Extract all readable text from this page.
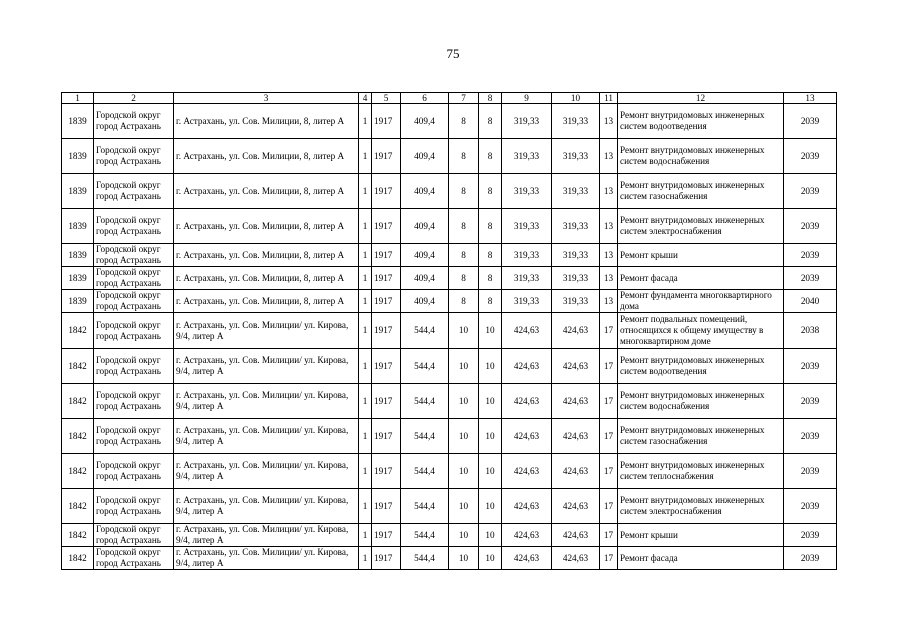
75
1	2	3	4	5	6	7	8	9	10	11	12	13
1839	Городской округ город Астрахань	г. Астрахань, ул. Сов. Милиции, 8, литер А	1	1917	409,4	8	8	319,33	319,33	13	Ремонт внутридомовых инженерных систем водоотведения	2039
1839	Городской округ город Астрахань	г. Астрахань, ул. Сов. Милиции, 8, литер А	1	1917	409,4	8	8	319,33	319,33	13	Ремонт внутридомовых инженерных систем водоснабжения	2039
1839	Городской округ город Астрахань	г. Астрахань, ул. Сов. Милиции, 8, литер А	1	1917	409,4	8	8	319,33	319,33	13	Ремонт внутридомовых инженерных систем газоснабжения	2039
1839	Городской округ город Астрахань	г. Астрахань, ул. Сов. Милиции, 8, литер А	1	1917	409,4	8	8	319,33	319,33	13	Ремонт внутридомовых инженерных систем электроснабжения	2039
1839	Городской округ город Астрахань	г. Астрахань, ул. Сов. Милиции, 8, литер А	1	1917	409,4	8	8	319,33	319,33	13	Ремонт крыши	2039
1839	Городской округ город Астрахань	г. Астрахань, ул. Сов. Милиции, 8, литер А	1	1917	409,4	8	8	319,33	319,33	13	Ремонт фасада	2039
1839	Городской округ город Астрахань	г. Астрахань, ул. Сов. Милиции, 8, литер А	1	1917	409,4	8	8	319,33	319,33	13	Ремонт фундамента многоквартирного дома	2040
1842	Городской округ город Астрахань	г. Астрахань, ул. Сов. Милиции/ ул. Кирова, 9/4, литер А	1	1917	544,4	10	10	424,63	424,63	17	Ремонт подвальных помещений, относящихся к общему имуществу в многоквартирном доме	2038
1842	Городской округ город Астрахань	г. Астрахань, ул. Сов. Милиции/ ул. Кирова, 9/4, литер А	1	1917	544,4	10	10	424,63	424,63	17	Ремонт внутридомовых инженерных систем водоотведения	2039
1842	Городской округ город Астрахань	г. Астрахань, ул. Сов. Милиции/ ул. Кирова, 9/4, литер А	1	1917	544,4	10	10	424,63	424,63	17	Ремонт внутридомовых инженерных систем водоснабжения	2039
1842	Городской округ город Астрахань	г. Астрахань, ул. Сов. Милиции/ ул. Кирова, 9/4, литер А	1	1917	544,4	10	10	424,63	424,63	17	Ремонт внутридомовых инженерных систем газоснабжения	2039
1842	Городской округ город Астрахань	г. Астрахань, ул. Сов. Милиции/ ул. Кирова, 9/4, литер А	1	1917	544,4	10	10	424,63	424,63	17	Ремонт внутридомовых инженерных систем теплоснабжения	2039
1842	Городской округ город Астрахань	г. Астрахань, ул. Сов. Милиции/ ул. Кирова, 9/4, литер А	1	1917	544,4	10	10	424,63	424,63	17	Ремонт внутридомовых инженерных систем электроснабжения	2039
1842	Городской округ город Астрахань	г. Астрахань, ул. Сов. Милиции/ ул. Кирова, 9/4, литер А	1	1917	544,4	10	10	424,63	424,63	17	Ремонт крыши	2039
1842	Городской округ город Астрахань	г. Астрахань, ул. Сов. Милиции/ ул. Кирова, 9/4, литер А	1	1917	544,4	10	10	424,63	424,63	17	Ремонт фасада	2039
